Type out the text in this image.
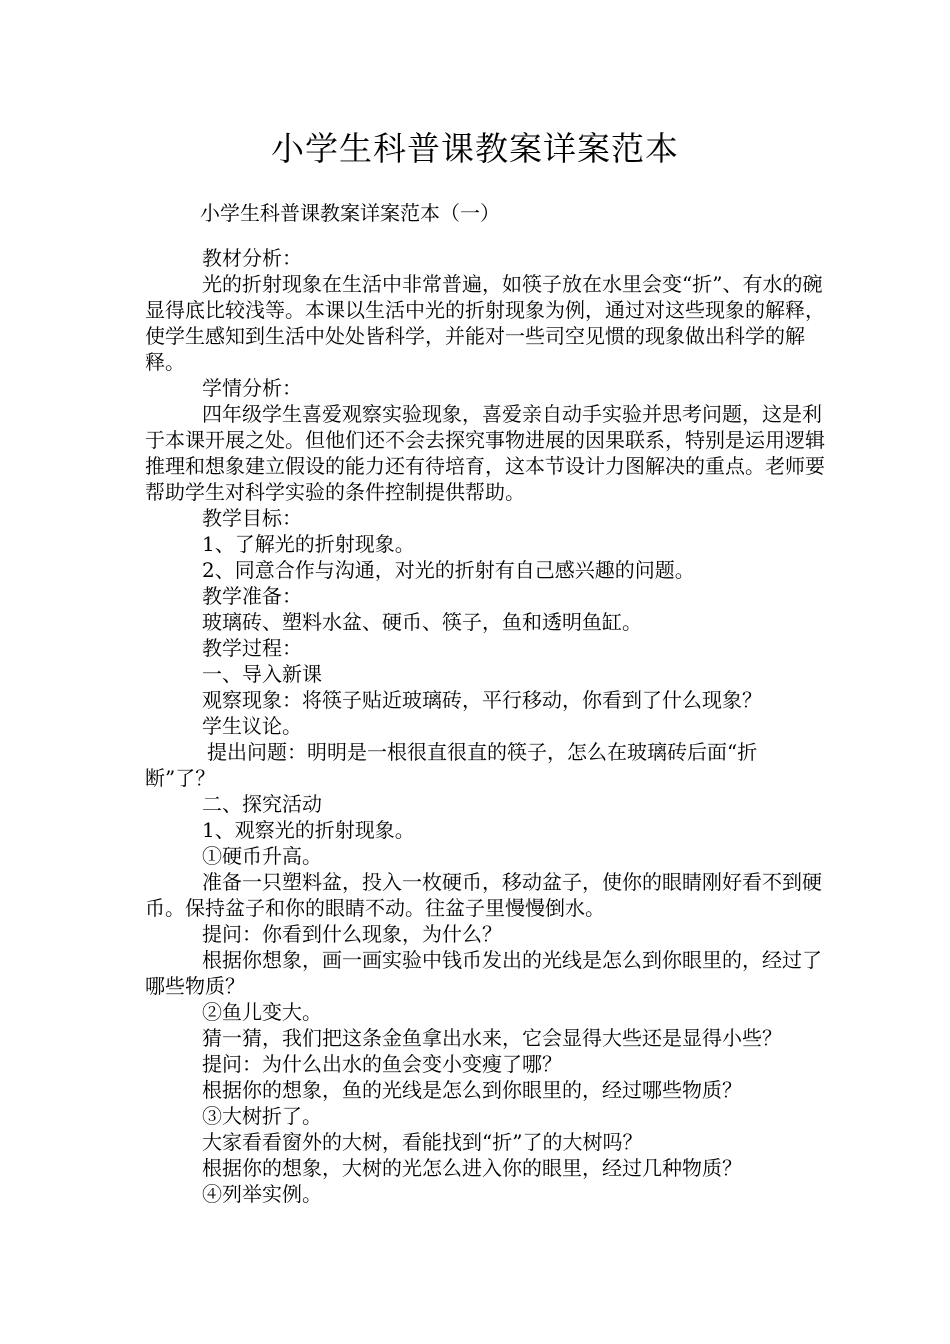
小学生科普课教案详案范本
小学生科普课教案详案范本（一）

教材分析：

光的折射现象在生活中非常普遍，如筷子放在水里会变“折”、有水的碗显得底比较浅等。本课以生活中光的折射现象为例，通过对这些现象的解释，使学生感知到生活中处处皆科学，并能对一些司空见惯的现象做出科学的解释。

学情分析：

四年级学生喜爱观察实验现象，喜爱亲自动手实验并思考问题，这是利于本课开展之处。但他们还不会去探究事物进展的因果联系，特别是运用逻辑推理和想象建立假设的能力还有待培育，这本节设计力图解决的重点。老师要帮助学生对科学实验的条件控制提供帮助。

教学目标：

1、了解光的折射现象。

2、同意合作与沟通，对光的折射有自己感兴趣的问题。

教学准备：

玻璃砖、塑料水盆、硬币、筷子，鱼和透明鱼缸。

教学过程：

一、导入新课

观察现象：将筷子贴近玻璃砖，平行移动，你看到了什么现象？

学生议论。

提出问题：明明是一根很直很直的筷子，怎么在玻璃砖后面“折断”了？

二、探究活动

1、观察光的折射现象。

①硬币升高。

准备一只塑料盆，投入一枚硬币，移动盆子，使你的眼睛刚好看不到硬币。保持盆子和你的眼睛不动。往盆子里慢慢倒水。

提问：你看到什么现象，为什么？

根据你想象，画一画实验中钱币发出的光线是怎么到你眼里的，经过了哪些物质？

②鱼儿变大。

猜一猜，我们把这条金鱼拿出水来，它会显得大些还是显得小些？

提问：为什么出水的鱼会变小变瘦了哪？

根据你的想象，鱼的光线是怎么到你眼里的，经过哪些物质？

③大树折了。

大家看看窗外的大树，看能找到“折”了的大树吗？

根据你的想象，大树的光怎么进入你的眼里，经过几种物质？

④列举实例。
